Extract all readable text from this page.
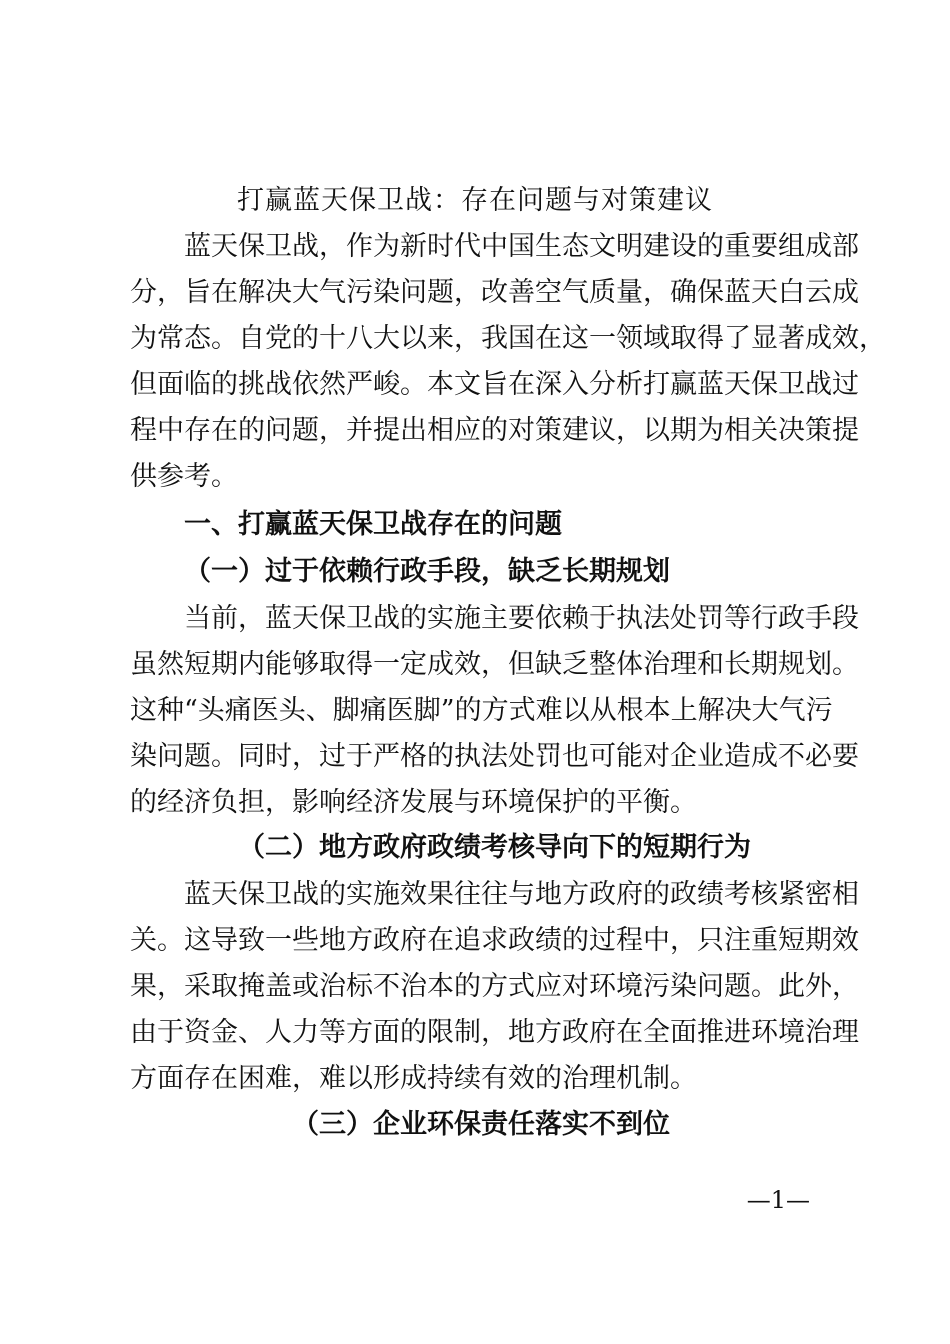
打赢蓝天保卫战：存在问题与对策建议
蓝天保卫战，作为新时代中国生态文明建设的重要组成部
分，旨在解决大气污染问题，改善空气质量，确保蓝天白云成
为常态。自党的十八大以来，我国在这一领域取得了显著成效，
但面临的挑战依然严峻。本文旨在深入分析打赢蓝天保卫战过
程中存在的问题，并提出相应的对策建议，以期为相关决策提
供参考。
一、打赢蓝天保卫战存在的问题
（一）过于依赖行政手段，缺乏长期规划
当前，蓝天保卫战的实施主要依赖于执法处罚等行政手段
虽然短期内能够取得一定成效，但缺乏整体治理和长期规划。
这种“头痛医头、脚痛医脚”的方式难以从根本上解决大气污
染问题。同时，过于严格的执法处罚也可能对企业造成不必要
的经济负担，影响经济发展与环境保护的平衡。
（二）地方政府政绩考核导向下的短期行为
蓝天保卫战的实施效果往往与地方政府的政绩考核紧密相
关。这导致一些地方政府在追求政绩的过程中，只注重短期效
果，采取掩盖或治标不治本的方式应对环境污染问题。此外，
由于资金、人力等方面的限制，地方政府在全面推进环境治理
方面存在困难，难以形成持续有效的治理机制。
（三）企业环保责任落实不到位
—1—
